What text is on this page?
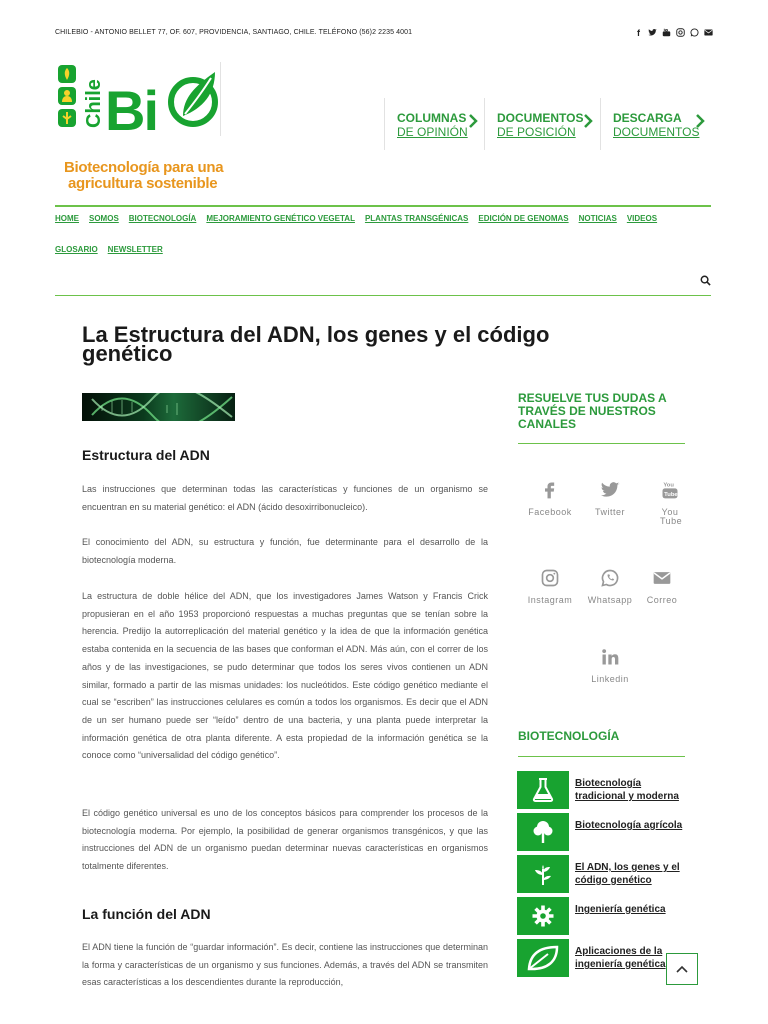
CHILEBIO - ANTONIO BELLET 77, OF. 607, PROVIDENCIA, SANTIAGO, CHILE. TELÉFONO (56)2 2235 4001	f
Chile Bi
Biotecnología para una
agricultura sostenible
COLUMNAS
DE OPINIÓN
DOCUMENTOS
DE POSICIÓN
DESCARGA
DOCUMENTOS
HOME SOMOS BIOTECNOLOGÍA MEJORAMIENTO GENÉTICO VEGETAL PLANTAS TRANSGÉNICAS EDICIÓN DE GENOMAS NOTICIAS VIDEOS
GLOSARIO NEWSLETTER
La Estructura del ADN, los genes y el código genético
Estructura del ADN

Las instrucciones que determinan todas las características y funciones de un organismo se encuentran en su material genético: el ADN (ácido desoxirribonucleico).

El conocimiento del ADN, su estructura y función, fue determinante para el desarrollo de la biotecnología moderna.

La estructura de doble hélice del ADN, que los investigadores James Watson y Francis Crick propusieran en el año 1953 proporcionó respuestas a muchas preguntas que se tenían sobre la herencia. Predijo la autorreplicación del material genético y la idea de que la información genética estaba contenida en la secuencia de las bases que conforman el ADN. Más aún, con el correr de los años y de las investigaciones, se pudo determinar que todos los seres vivos contienen un ADN similar, formado a partir de las mismas unidades: los nucleótidos. Este código genético mediante el cual se “escriben” las instrucciones celulares es común a todos los organismos. Es decir que el ADN de un ser humano puede ser “leído” dentro de una bacteria, y una planta puede interpretar la información genética de otra planta diferente. A esta propiedad de la información genética se la conoce como “universalidad del código genético”.

El código genético universal es uno de los conceptos básicos para comprender los procesos de la biotecnología moderna. Por ejemplo, la posibilidad de generar organismos transgénicos, y que las instrucciones del ADN de un organismo puedan determinar nuevas características en organismos totalmente diferentes.

La función del ADN

El ADN tiene la función de “guardar información”. Es decir, contiene las instrucciones que determinan la forma y características de un organismo y sus funciones. Además, a través del ADN se transmiten esas características a los descendientes durante la reproducción,

RESUELVE TUS DUDAS A TRAVÉS DE NUESTROS CANALES
Facebook	Twitter
You
Tube
You Tube
Instagram	Whatsapp	Correo
Linkedin
BIOTECNOLOGÍA
Biotecnología tradicional y moderna
Biotecnología agrícola
El ADN, los genes y el código genético
Ingeniería genética
Aplicaciones de la ingeniería genética
